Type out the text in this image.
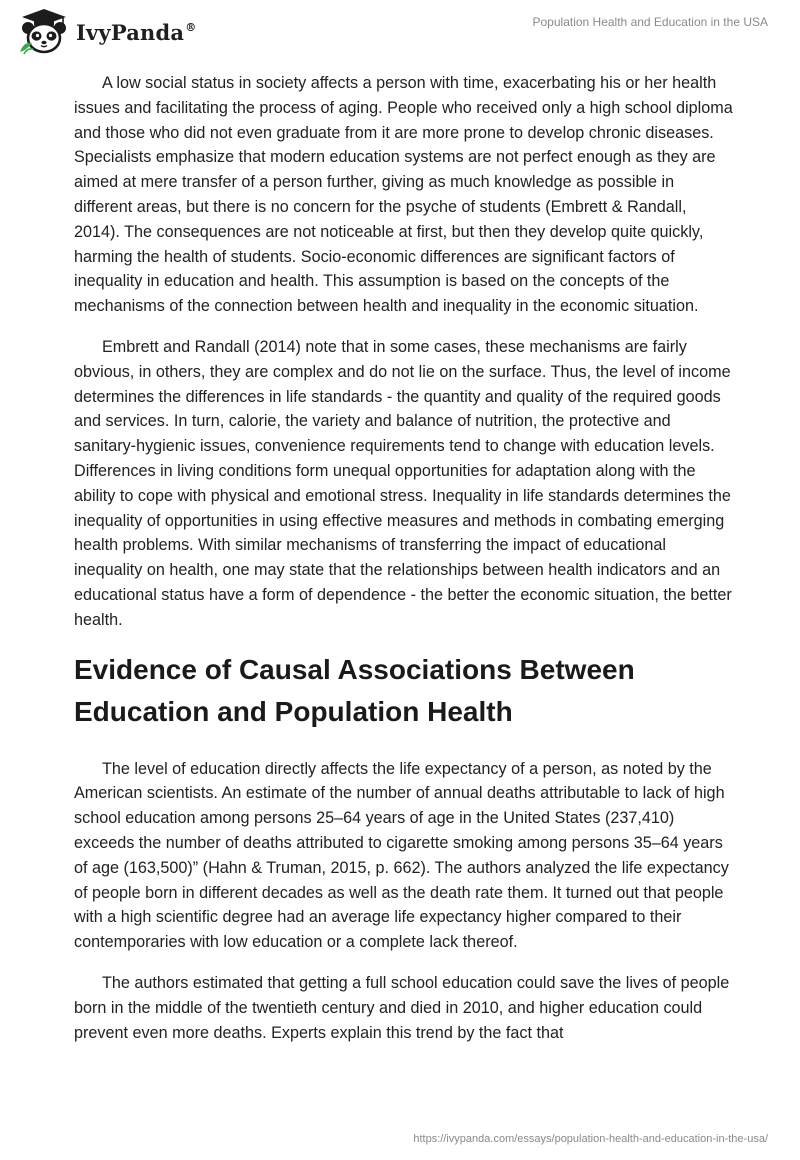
IvyPanda®	Population Health and Education in the USA

A low social status in society affects a person with time, exacerbating his or her health issues and facilitating the process of aging. People who received only a high school diploma and those who did not even graduate from it are more prone to develop chronic diseases. Specialists emphasize that modern education systems are not perfect enough as they are aimed at mere transfer of a person further, giving as much knowledge as possible in different areas, but there is no concern for the psyche of students (Embrett & Randall, 2014). The consequences are not noticeable at first, but then they develop quite quickly, harming the health of students. Socio-economic differences are significant factors of inequality in education and health. This assumption is based on the concepts of the mechanisms of the connection between health and inequality in the economic situation.

Embrett and Randall (2014) note that in some cases, these mechanisms are fairly obvious, in others, they are complex and do not lie on the surface. Thus, the level of income determines the differences in life standards - the quantity and quality of the required goods and services. In turn, calorie, the variety and balance of nutrition, the protective and sanitary-hygienic issues, convenience requirements tend to change with education levels. Differences in living conditions form unequal opportunities for adaptation along with the ability to cope with physical and emotional stress. Inequality in life standards determines the inequality of opportunities in using effective measures and methods in combating emerging health problems. With similar mechanisms of transferring the impact of educational inequality on health, one may state that the relationships between health indicators and an educational status have a form of dependence - the better the economic situation, the better health.

Evidence of Causal Associations Between Education and Population Health

The level of education directly affects the life expectancy of a person, as noted by the American scientists. An estimate of the number of annual deaths attributable to lack of high school education among persons 25–64 years of age in the United States (237,410) exceeds the number of deaths attributed to cigarette smoking among persons 35–64 years of age (163,500)” (Hahn & Truman, 2015, p. 662). The authors analyzed the life expectancy of people born in different decades as well as the death rate them. It turned out that people with a high scientific degree had an average life expectancy higher compared to their contemporaries with low education or a complete lack thereof.

The authors estimated that getting a full school education could save the lives of people born in the middle of the twentieth century and died in 2010, and higher education could prevent even more deaths. Experts explain this trend by the fact that

https://ivypanda.com/essays/population-health-and-education-in-the-usa/
